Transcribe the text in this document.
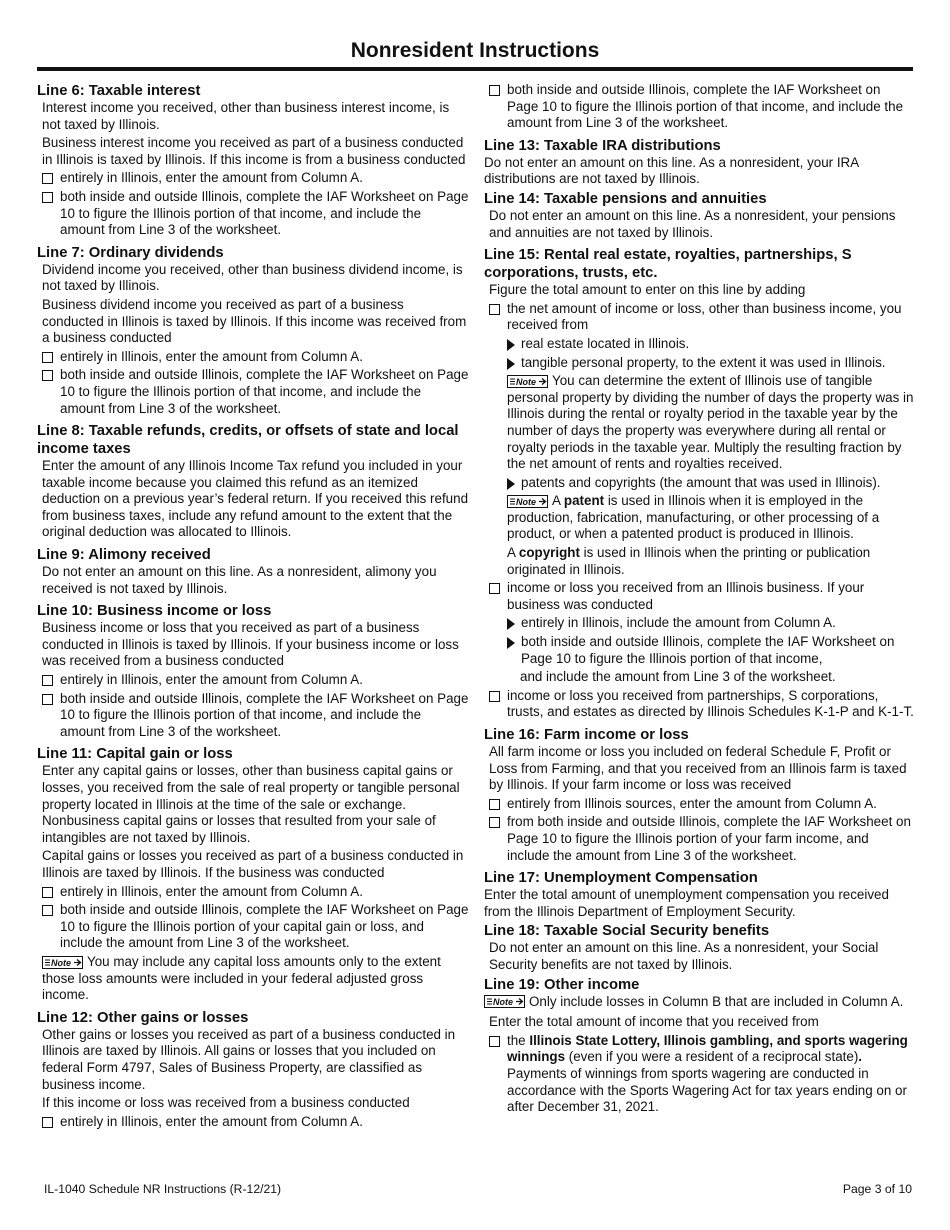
Nonresident Instructions
Line 6: Taxable interest

Interest income you received, other than business interest income, is not taxed by Illinois.

Business interest income you received as part of a business conducted in Illinois is taxed by Illinois. If this income is from a business conducted

entirely in Illinois, enter the amount from Column A.
both inside and outside Illinois, complete the IAF Worksheet on Page 10 to figure the Illinois portion of that income, and include the amount from Line 3 of the worksheet.
Line 7: Ordinary dividends

Dividend income you received, other than business dividend income, is not taxed by Illinois.

Business dividend income you received as part of a business conducted in Illinois is taxed by Illinois. If this income was received from a business conducted

entirely in Illinois, enter the amount from Column A.
both inside and outside Illinois, complete the IAF Worksheet on Page 10 to figure the Illinois portion of that income, and include the amount from Line 3 of the worksheet.
Line 8: Taxable refunds, credits, or offsets of state and local income taxes

Enter the amount of any Illinois Income Tax refund you included in your taxable income because you claimed this refund as an itemized deduction on a previous year’s federal return. If you received this refund from business taxes, include any refund amount to the extent that the original deduction was allocated to Illinois.

Line 9: Alimony received

Do not enter an amount on this line. As a nonresident, alimony you received is not taxed by Illinois.

Line 10: Business income or loss

Business income or loss that you received as part of a business conducted in Illinois is taxed by Illinois. If your business income or loss was received from a business conducted

entirely in Illinois, enter the amount from Column A.
both inside and outside Illinois, complete the IAF Worksheet on Page 10 to figure the Illinois portion of that income, and include the amount from Line 3 of the worksheet.
Line 11: Capital gain or loss

Enter any capital gains or losses, other than business capital gains or losses, you received from the sale of real property or tangible personal property located in Illinois at the time of the sale or exchange. Nonbusiness capital gains or losses that resulted from your sale of intangibles are not taxed by Illinois.

Capital gains or losses you received as part of a business conducted in Illinois are taxed by Illinois. If the business was conducted

entirely in Illinois, enter the amount from Column A.
both inside and outside Illinois, complete the IAF Worksheet on Page 10 to figure the Illinois portion of your capital gain or loss, and include the amount from Line 3 of the worksheet.
You may include any capital loss amounts only to the extent those loss amounts were included in your federal adjusted gross income.
Line 12: Other gains or losses

Other gains or losses you received as part of a business conducted in Illinois are taxed by Illinois. All gains or losses that you included on federal Form 4797, Sales of Business Property, are classified as business income.

If this income or loss was received from a business conducted

entirely in Illinois, enter the amount from Column A.
both inside and outside Illinois, complete the IAF Worksheet on Page 10 to figure the Illinois portion of that income, and include the amount from Line 3 of the worksheet.
Line 13: Taxable IRA distributions

Do not enter an amount on this line. As a nonresident, your IRA distributions are not taxed by Illinois.

Line 14: Taxable pensions and annuities

Do not enter an amount on this line. As a nonresident, your pensions and annuities are not taxed by Illinois.

Line 15: Rental real estate, royalties, partnerships, S corporations, trusts, etc.

Figure the total amount to enter on this line by adding

the net amount of income or loss, other than business income, you received from
real estate located in Illinois.
tangible personal property, to the extent it was used in Illinois.
You can determine the extent of Illinois use of tangible personal property by dividing the number of days the property was in Illinois during the rental or royalty period in the taxable year by the number of days the property was everywhere during all rental or royalty periods in the taxable year. Multiply the resulting fraction by the net amount of rents and royalties received.
patents and copyrights (the amount that was used in Illinois).
A patent is used in Illinois when it is employed in the production, fabrication, manufacturing, or other processing of a product, or when a patented product is produced in Illinois.
A copyright is used in Illinois when the printing or publication originated in Illinois.
income or loss you received from an Illinois business. If your business was conducted
entirely in Illinois, include the amount from Column A.
both inside and outside Illinois, complete the IAF Worksheet on Page 10 to figure the Illinois portion of that income,
and include the amount from Line 3 of the worksheet.
income or loss you received from partnerships, S corporations, trusts, and estates as directed by Illinois Schedules K-1-P and K-1-T.
Line 16: Farm income or loss

All farm income or loss you included on federal Schedule F, Profit or Loss from Farming, and that you received from an Illinois farm is taxed by Illinois. If your farm income or loss was received

entirely from Illinois sources, enter the amount from Column A.
from both inside and outside Illinois, complete the IAF Worksheet on Page 10 to figure the Illinois portion of your farm income, and include the amount from Line 3 of the worksheet.
Line 17: Unemployment Compensation

Enter the total amount of unemployment compensation you received from the Illinois Department of Employment Security.

Line 18: Taxable Social Security benefits

Do not enter an amount on this line. As a nonresident, your Social Security benefits are not taxed by Illinois.

Line 19: Other income
Only include losses in Column B that are included in Column A.

Enter the total amount of income that you received from

the Illinois State Lottery, Illinois gambling, and sports wagering winnings (even if you were a resident of a reciprocal state). Payments of winnings from sports wagering are conducted in accordance with the Sports Wagering Act for tax years ending on or after December 31, 2021.
IL-1040 Schedule NR Instructions (R-12/21)	Page 3 of 10
